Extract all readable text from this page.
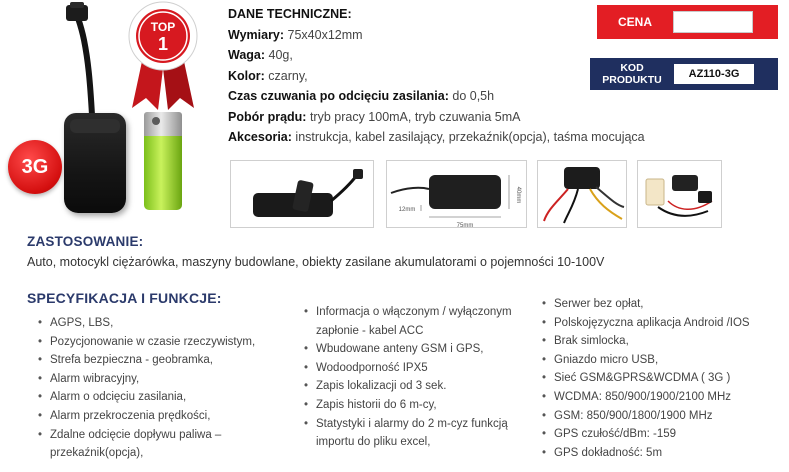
3G
TOP
1
DANE TECHNICZNE:
Wymiary: 75x40x12mm
Waga: 40g,
Kolor: czarny,
Czas czuwania po odcięciu zasilania: do 0,5h
Pobór prądu: tryb pracy 100mA, tryb czuwania 5mA
Akcesoria: instrukcja, kabel zasilający, przekaźnik(opcja), taśma mocująca
CENA
KOD PRODUKTU	AZ110-3G
75mm
40mm
12mm
ZASTOSOWANIE:
Auto, motocykl ciężarówka, maszyny budowlane, obiekty zasilane akumulatorami o pojemności 10-100V
SPECYFIKACJA I FUNKCJE:
• AGPS, LBS,
• Pozycjonowanie w czasie rzeczywistym,
• Strefa bezpieczna - geobramka,
• Alarm wibracyjny,
• Alarm o odcięciu zasilania,
• Alarm przekroczenia prędkości,
• Zdalne odcięcie dopływu paliwa – przekaźnik(opcja),
• Informacja o włączonym / wyłączonym zapłonie - kabel ACC
• Wbudowane anteny GSM i GPS,
• Wodoodporność IPX5
• Zapis lokalizacji od 3 sek.
• Zapis historii do 6 m-cy,
• Statystyki i alarmy do 2 m-cyz funkcją importu do pliku excel,
• Serwer bez opłat,
• Polskojęzyczna aplikacja Android /IOS
• Brak simlocka,
• Gniazdo micro USB,
• Sieć GSM&GPRS&WCDMA ( 3G )
• WCDMA: 850/900/1900/2100 MHz
• GSM: 850/900/1800/1900 MHz
• GPS czułość/dBm: -159
• GPS dokładność: 5m
